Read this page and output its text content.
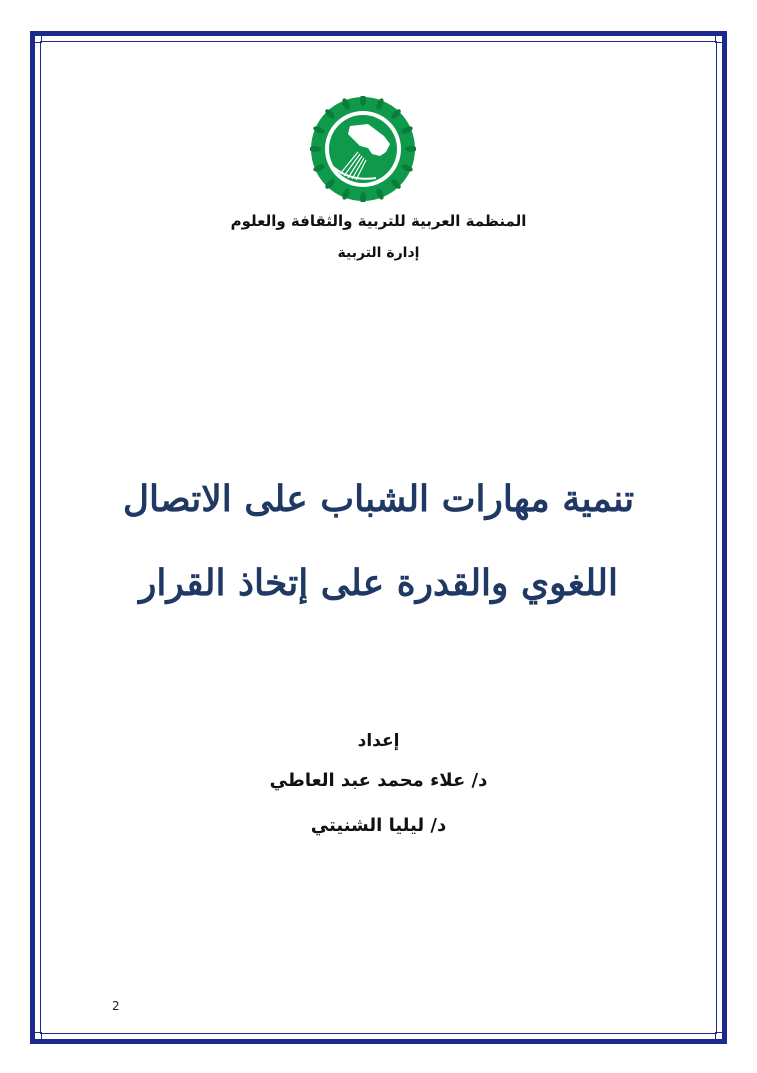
المنظمة العربية للتربية والثقافة والعلوم
إدارة التربية
تنمية مهارات الشباب على الاتصال
اللغوي والقدرة على إتخاذ القرار
إعداد
د/ علاء محمد عبد العاطي
د/ ليليا الشنيتي
2
